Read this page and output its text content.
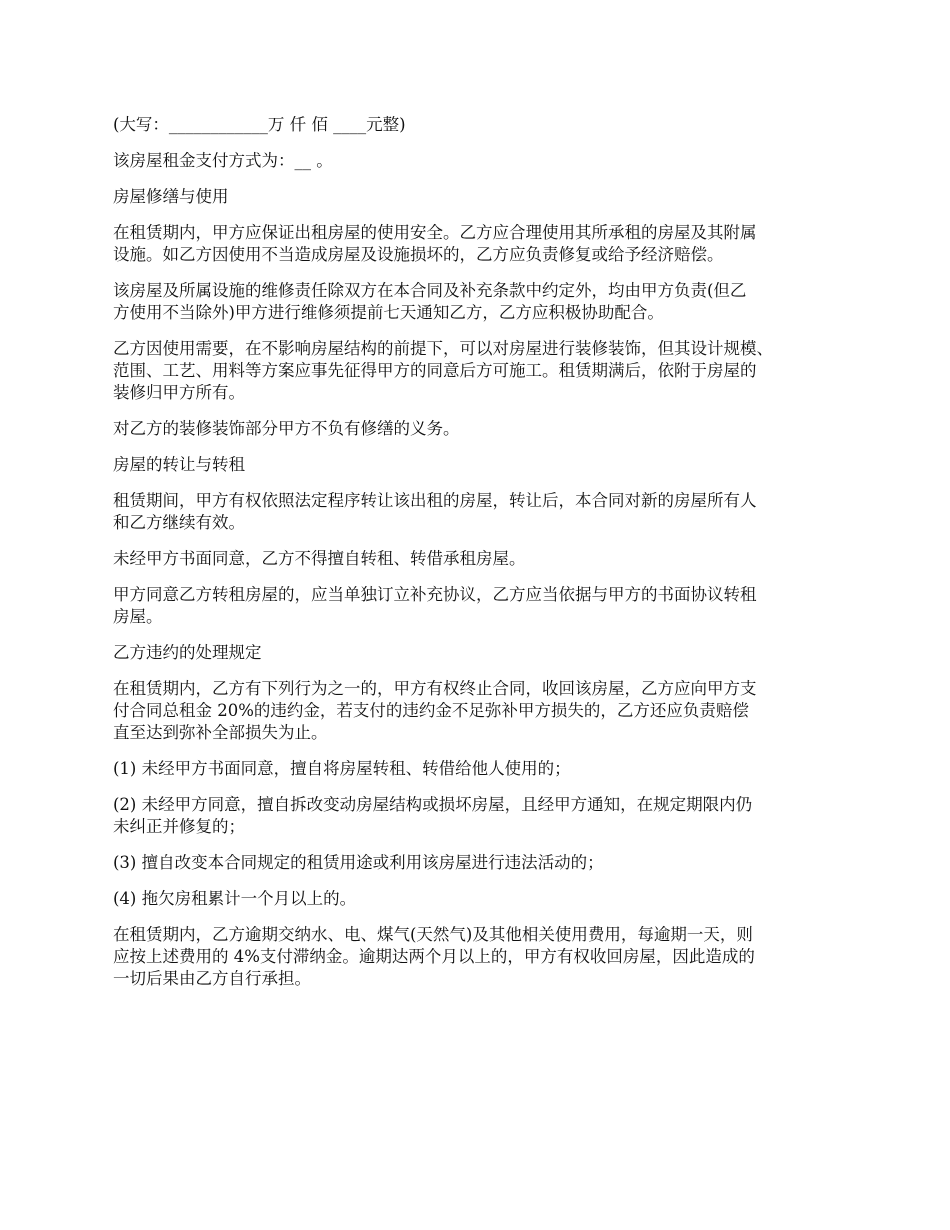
(大写：____________万 仟 佰 ____元整)
该房屋租金支付方式为：__ 。
房屋修缮与使用
在租赁期内，甲方应保证出租房屋的使用安全。乙方应合理使用其所承租的房屋及其附属
设施。如乙方因使用不当造成房屋及设施损坏的，乙方应负责修复或给予经济赔偿。
该房屋及所属设施的维修责任除双方在本合同及补充条款中约定外，均由甲方负责(但乙
方使用不当除外)甲方进行维修须提前七天通知乙方，乙方应积极协助配合。
乙方因使用需要，在不影响房屋结构的前提下，可以对房屋进行装修装饰，但其设计规模、
范围、工艺、用料等方案应事先征得甲方的同意后方可施工。租赁期满后，依附于房屋的
装修归甲方所有。
对乙方的装修装饰部分甲方不负有修缮的义务。
房屋的转让与转租
租赁期间，甲方有权依照法定程序转让该出租的房屋，转让后，本合同对新的房屋所有人
和乙方继续有效。
未经甲方书面同意，乙方不得擅自转租、转借承租房屋。
甲方同意乙方转租房屋的，应当单独订立补充协议，乙方应当依据与甲方的书面协议转租
房屋。
乙方违约的处理规定
在租赁期内，乙方有下列行为之一的，甲方有权终止合同，收回该房屋，乙方应向甲方支
付合同总租金 20%的违约金，若支付的违约金不足弥补甲方损失的，乙方还应负责赔偿
直至达到弥补全部损失为止。
(1) 未经甲方书面同意，擅自将房屋转租、转借给他人使用的；
(2) 未经甲方同意，擅自拆改变动房屋结构或损坏房屋，且经甲方通知，在规定期限内仍
未纠正并修复的；
(3) 擅自改变本合同规定的租赁用途或利用该房屋进行违法活动的；
(4) 拖欠房租累计一个月以上的。
在租赁期内，乙方逾期交纳水、电、煤气(天然气)及其他相关使用费用，每逾期一天，则
应按上述费用的 4%支付滞纳金。逾期达两个月以上的，甲方有权收回房屋，因此造成的
一切后果由乙方自行承担。
